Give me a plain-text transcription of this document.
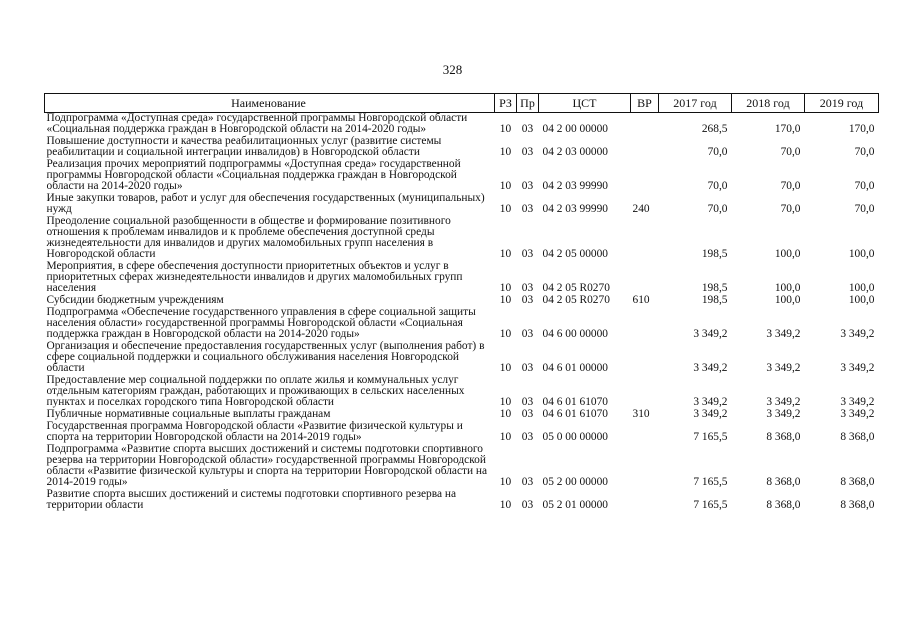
328
Наименование	РЗ	Пр	ЦСТ	ВР	2017 год	2018 год	2019 год
Подпрограмма «Доступная среда» государственной программы Новгородской области «Социальная поддержка граждан в Новгородской области на 2014-2020 годы»	10	03	04 2 00 00000		268,5	170,0	170,0
Повышение доступности и качества реабилитационных услуг (развитие системы реабилитации и социальной интеграции инвалидов) в Новгородской области	10	03	04 2 03 00000		70,0	70,0	70,0
Реализация прочих мероприятий подпрограммы «Доступная среда» государственной программы Новгородской области «Социальная поддержка граждан в Новгородской области на 2014-2020 годы»	10	03	04 2 03 99990		70,0	70,0	70,0
Иные закупки товаров, работ и услуг для обеспечения государственных (муниципальных) нужд	10	03	04 2 03 99990	240	70,0	70,0	70,0
Преодоление социальной разобщенности в обществе и формирование позитивного отношения к проблемам инвалидов и к проблеме обеспечения доступной среды жизнедеятельности для инвалидов и других маломобильных групп населения в Новгородской области	10	03	04 2 05 00000		198,5	100,0	100,0
Мероприятия, в сфере обеспечения доступности приоритетных объектов и услуг в приоритетных сферах жизнедеятельности инвалидов и других маломобильных групп населения	10	03	04 2 05 R0270		198,5	100,0	100,0
Субсидии бюджетным учреждениям	10	03	04 2 05 R0270	610	198,5	100,0	100,0
Подпрограмма «Обеспечение государственного управления в сфере социальной защиты населения области» государственной программы Новгородской области «Социальная поддержка граждан в Новгородской области на 2014-2020 годы»	10	03	04 6 00 00000		3 349,2	3 349,2	3 349,2
Организация и обеспечение предоставления государственных услуг (выполнения работ) в сфере социальной поддержки и социального обслуживания населения Новгородской области	10	03	04 6 01 00000		3 349,2	3 349,2	3 349,2
Предоставление мер социальной поддержки по оплате жилья и коммунальных услуг отдельным категориям граждан, работающих и проживающих в сельских населенных пунктах и поселках городского типа Новгородской области	10	03	04 6 01 61070		3 349,2	3 349,2	3 349,2
Публичные нормативные социальные выплаты гражданам	10	03	04 6 01 61070	310	3 349,2	3 349,2	3 349,2
Государственная программа Новгородской области «Развитие физической культуры и спорта на территории Новгородской области на 2014-2019 годы»	10	03	05 0 00 00000		7 165,5	8 368,0	8 368,0
Подпрограмма «Развитие спорта высших достижений и системы подготовки спортивного резерва на территории Новгородской области» государственной программы Новгородской области «Развитие физической культуры и спорта на территории Новгородской области на 2014-2019 годы»	10	03	05 2 00 00000		7 165,5	8 368,0	8 368,0
Развитие спорта высших достижений и системы подготовки спортивного резерва на территории области	10	03	05 2 01 00000		7 165,5	8 368,0	8 368,0
